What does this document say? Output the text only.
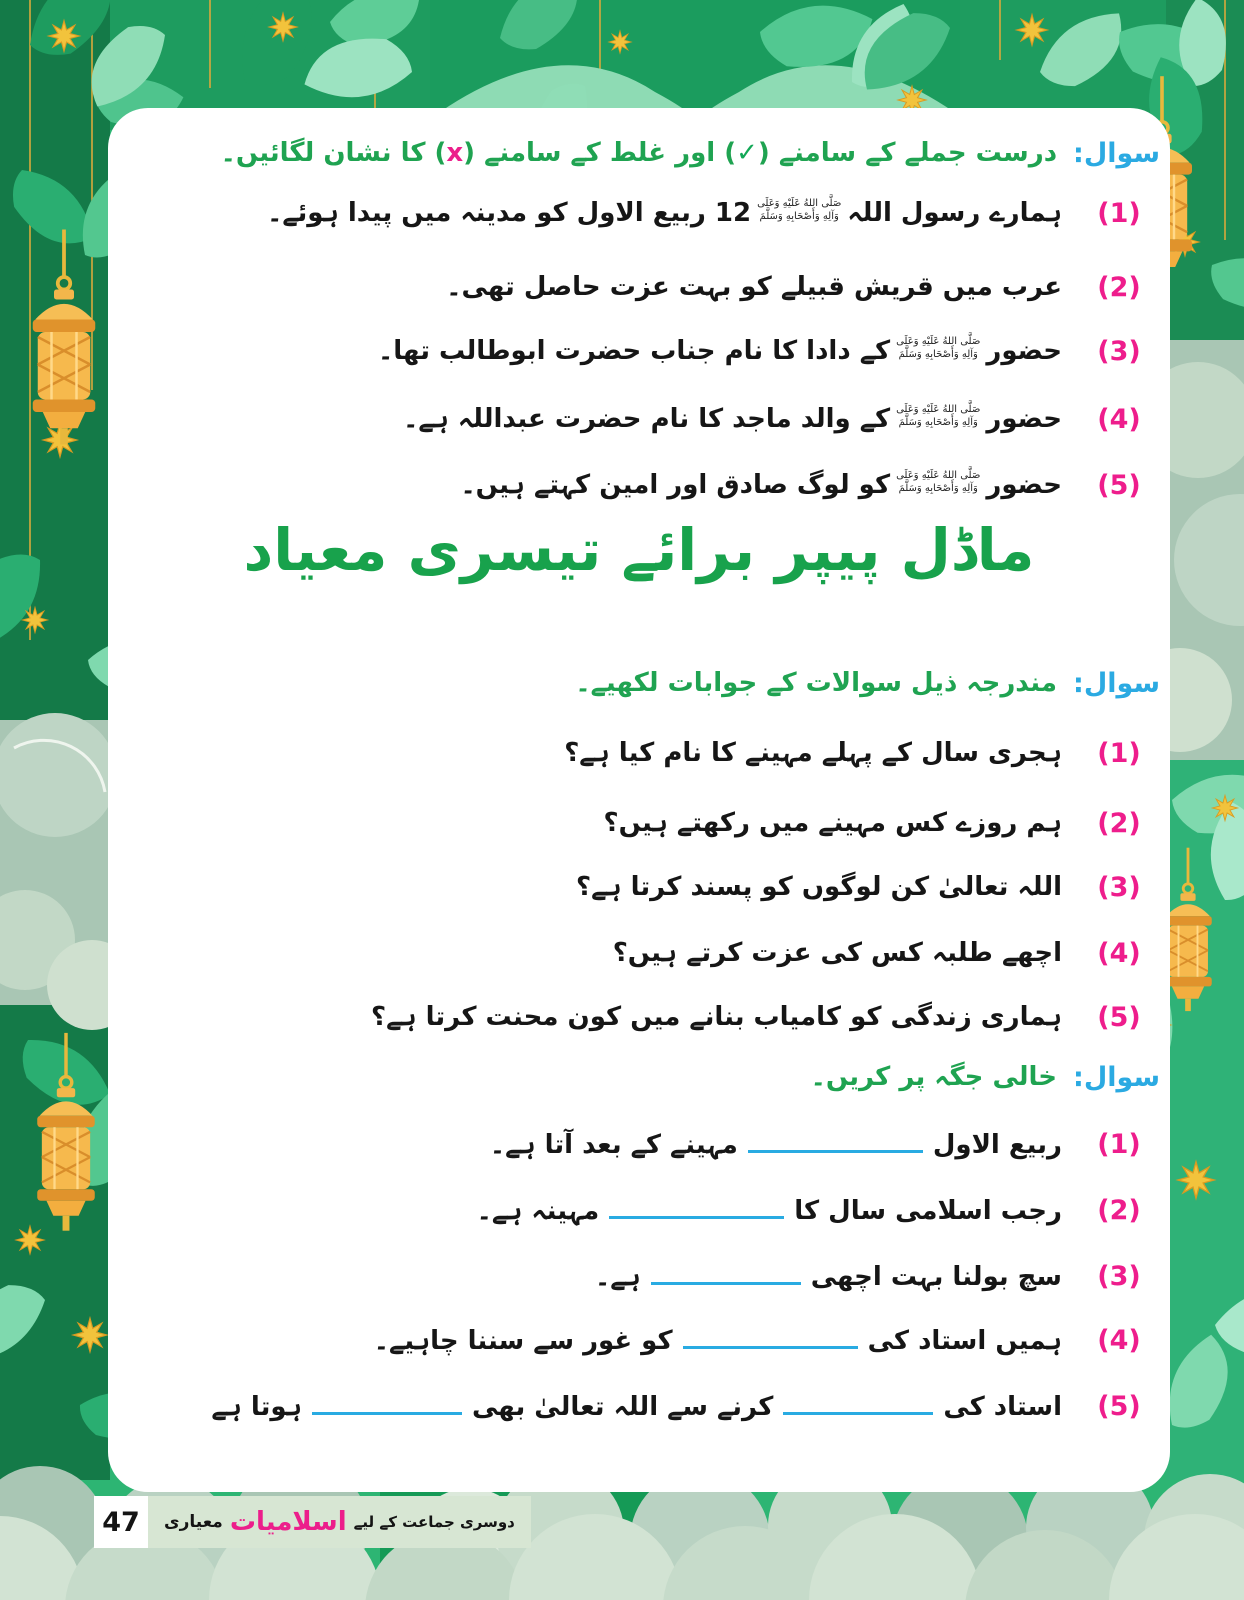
سوال:
درست جملے کے سامنے (✓) اور غلط کے سامنے (x) کا نشان لگائیں۔
(1)
ہمارے رسول اللہصَلَّى اللهُ عَلَيْهِ وَعَلَى
وَآلِهِ وَأَصْحَابِهِ وَسَلَّمَ12 ربیع الاول کو مدینہ میں پیدا ہوئے۔
(2)
عرب میں قریش قبیلے کو بہت عزت حاصل تھی۔
(3)
حضورصَلَّى اللهُ عَلَيْهِ وَعَلَى
وَآلِهِ وَأَصْحَابِهِ وَسَلَّمَکے دادا کا نام جناب حضرت ابوطالب تھا۔
(4)
حضورصَلَّى اللهُ عَلَيْهِ وَعَلَى
وَآلِهِ وَأَصْحَابِهِ وَسَلَّمَکے والد ماجد کا نام حضرت عبداللہ ہے۔
(5)
حضورصَلَّى اللهُ عَلَيْهِ وَعَلَى
وَآلِهِ وَأَصْحَابِهِ وَسَلَّمَکو لوگ صادق اور امین کہتے ہیں۔
ماڈل پیپر برائے تیسری معیاد
سوال:
مندرجہ ذیل سوالات کے جوابات لکھیے۔
(1)
ہجری سال کے پہلے مہینے کا نام کیا ہے؟
(2)
ہم روزے کس مہینے میں رکھتے ہیں؟
(3)
اللہ تعالیٰ کن لوگوں کو پسند کرتا ہے؟
(4)
اچھے طلبہ کس کی عزت کرتے ہیں؟
(5)
ہماری زندگی کو کامیاب بنانے میں کون محنت کرتا ہے؟
سوال:
خالی جگہ پر کریں۔
(1)
ربیع الاولمہینے کے بعد آتا ہے۔
(2)
رجب اسلامی سال کامہینہ ہے۔
(3)
سچ بولنا بہت اچھیہے۔
(4)
ہمیں استاد کیکو غور سے سننا چاہیے۔
(5)
استاد کیکرنے سے اللہ تعالیٰ بھیہوتا ہے
47	معیاری اسلامیات دوسری جماعت کے لیے
